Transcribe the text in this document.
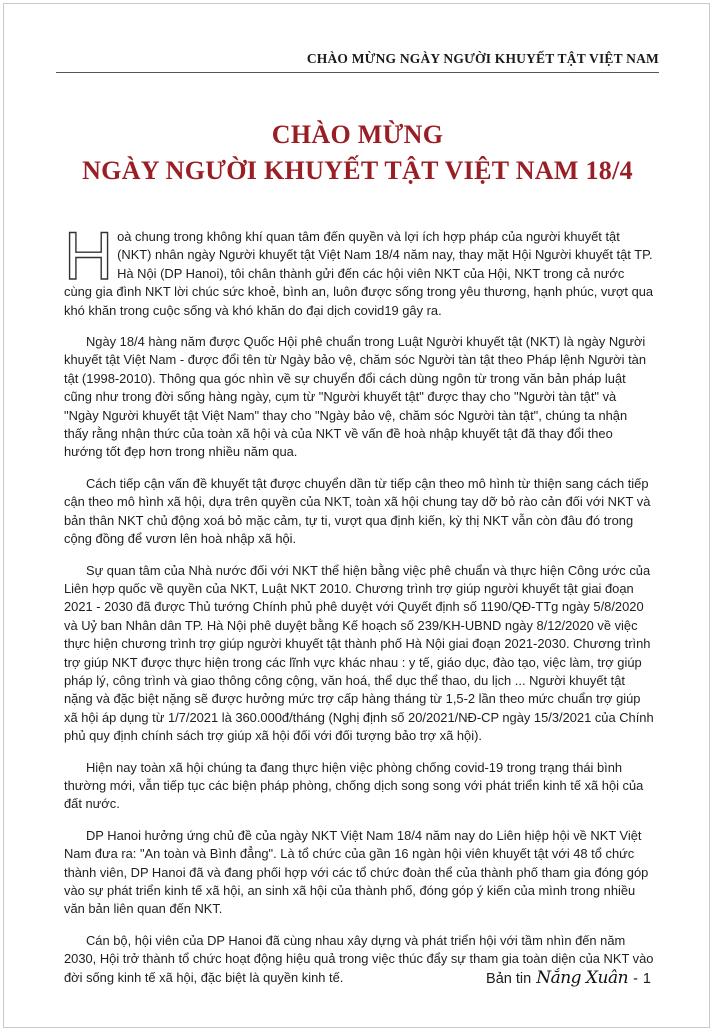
CHÀO MỪNG NGÀY NGƯỜI KHUYẾT TẬT VIỆT NAM
CHÀO MỪNG
NGÀY NGƯỜI KHUYẾT TẬT VIỆT NAM 18/4

Hoà chung trong không khí quan tâm đến quyền và lợi ích hợp pháp của người khuyết tật (NKT) nhân ngày Người khuyết tật Việt Nam 18/4 năm nay, thay mặt Hội Người khuyết tật TP. Hà Nội (DP Hanoi), tôi chân thành gửi đến các hội viên NKT của Hội, NKT trong cả nước cùng gia đình NKT lời chúc sức khoẻ, bình an, luôn được sống trong yêu thương, hạnh phúc, vượt qua khó khăn trong cuộc sống và khó khăn do đại dịch covid19 gây ra.

Ngày 18/4 hàng năm được Quốc Hội phê chuẩn trong Luật Người khuyết tật (NKT) là ngày Người khuyết tật Việt Nam - được đổi tên từ Ngày bảo vệ, chăm sóc Người tàn tật theo Pháp lệnh Người tàn tật (1998-2010). Thông qua góc nhìn về sự chuyển đổi cách dùng ngôn từ trong văn bản pháp luật cũng như trong đời sống hàng ngày, cụm từ "Người khuyết tật" được thay cho "Người tàn tật" và "Ngày Người khuyết tật Việt Nam" thay cho "Ngày bảo vệ, chăm sóc Người tàn tật", chúng ta nhận thấy rằng nhận thức của toàn xã hội và của NKT về vấn đề hoà nhập khuyết tật đã thay đổi theo hướng tốt đẹp hơn trong nhiều năm qua.

Cách tiếp cận vấn đề khuyết tật được chuyển dần từ tiếp cận theo mô hình từ thiện sang cách tiếp cận theo mô hình xã hội, dựa trên quyền của NKT, toàn xã hội chung tay dỡ bỏ rào cản đối với NKT và bản thân NKT chủ động xoá bỏ mặc cảm, tự ti, vượt qua định kiến, kỳ thị NKT vẫn còn đâu đó trong cộng đồng để vươn lên hoà nhập xã hội.

Sự quan tâm của Nhà nước đối với NKT thể hiện bằng việc phê chuẩn và thực hiện Công ước của Liên hợp quốc về quyền của NKT, Luật NKT 2010. Chương trình trợ giúp người khuyết tật giai đoạn 2021 - 2030 đã được Thủ tướng Chính phủ phê duyệt với Quyết định số 1190/QĐ-TTg ngày 5/8/2020 và Uỷ ban Nhân dân TP. Hà Nội phê duyệt bằng Kế hoạch số 239/KH-UBND ngày 8/12/2020 về việc thực hiện chương trình trợ giúp người khuyết tật thành phố Hà Nội giai đoạn 2021-2030. Chương trình trợ giúp NKT được thực hiện trong các lĩnh vực khác nhau : y tế, giáo dục, đào tạo, việc làm, trợ giúp pháp lý, công trình và giao thông công cộng, văn hoá, thể dục thể thao, du lịch ... Người khuyết tật nặng và đặc biệt nặng sẽ được hưởng mức trợ cấp hàng tháng từ 1,5-2 lần theo mức chuẩn trợ giúp xã hội áp dụng từ 1/7/2021 là 360.000đ/tháng (Nghị định số 20/2021/NĐ-CP ngày 15/3/2021 của Chính phủ quy định chính sách trợ giúp xã hội đối với đối tượng bảo trợ xã hội).

Hiện nay toàn xã hội chúng ta đang thực hiện việc phòng chống covid-19 trong trạng thái bình thường mới, vẫn tiếp tục các biện pháp phòng, chống dịch song song với phát triển kinh tế xã hội của đất nước.

DP Hanoi hưởng ứng chủ đề của ngày NKT Việt Nam 18/4 năm nay do Liên hiệp hội về NKT Việt Nam đưa ra: "An toàn và Bình đẳng". Là tổ chức của gần 16 ngàn hội viên khuyết tật với 48 tổ chức thành viên, DP Hanoi đã và đang phối hợp với các tổ chức đoàn thể của thành phố tham gia đóng góp vào sự phát triển kinh tế xã hội, an sinh xã hội của thành phố, đóng góp ý kiến của mình trong nhiều văn bản liên quan đến NKT.

Cán bộ, hội viên của DP Hanoi đã cùng nhau xây dựng và phát triển hội với tầm nhìn đến năm 2030, Hội trở thành tổ chức hoạt động hiệu quả trong việc thúc đẩy sự tham gia toàn diện của NKT vào đời sống kinh tế xã hội, đặc biệt là quyền kinh tế.	Bản tin Nắng Xuân - 1
